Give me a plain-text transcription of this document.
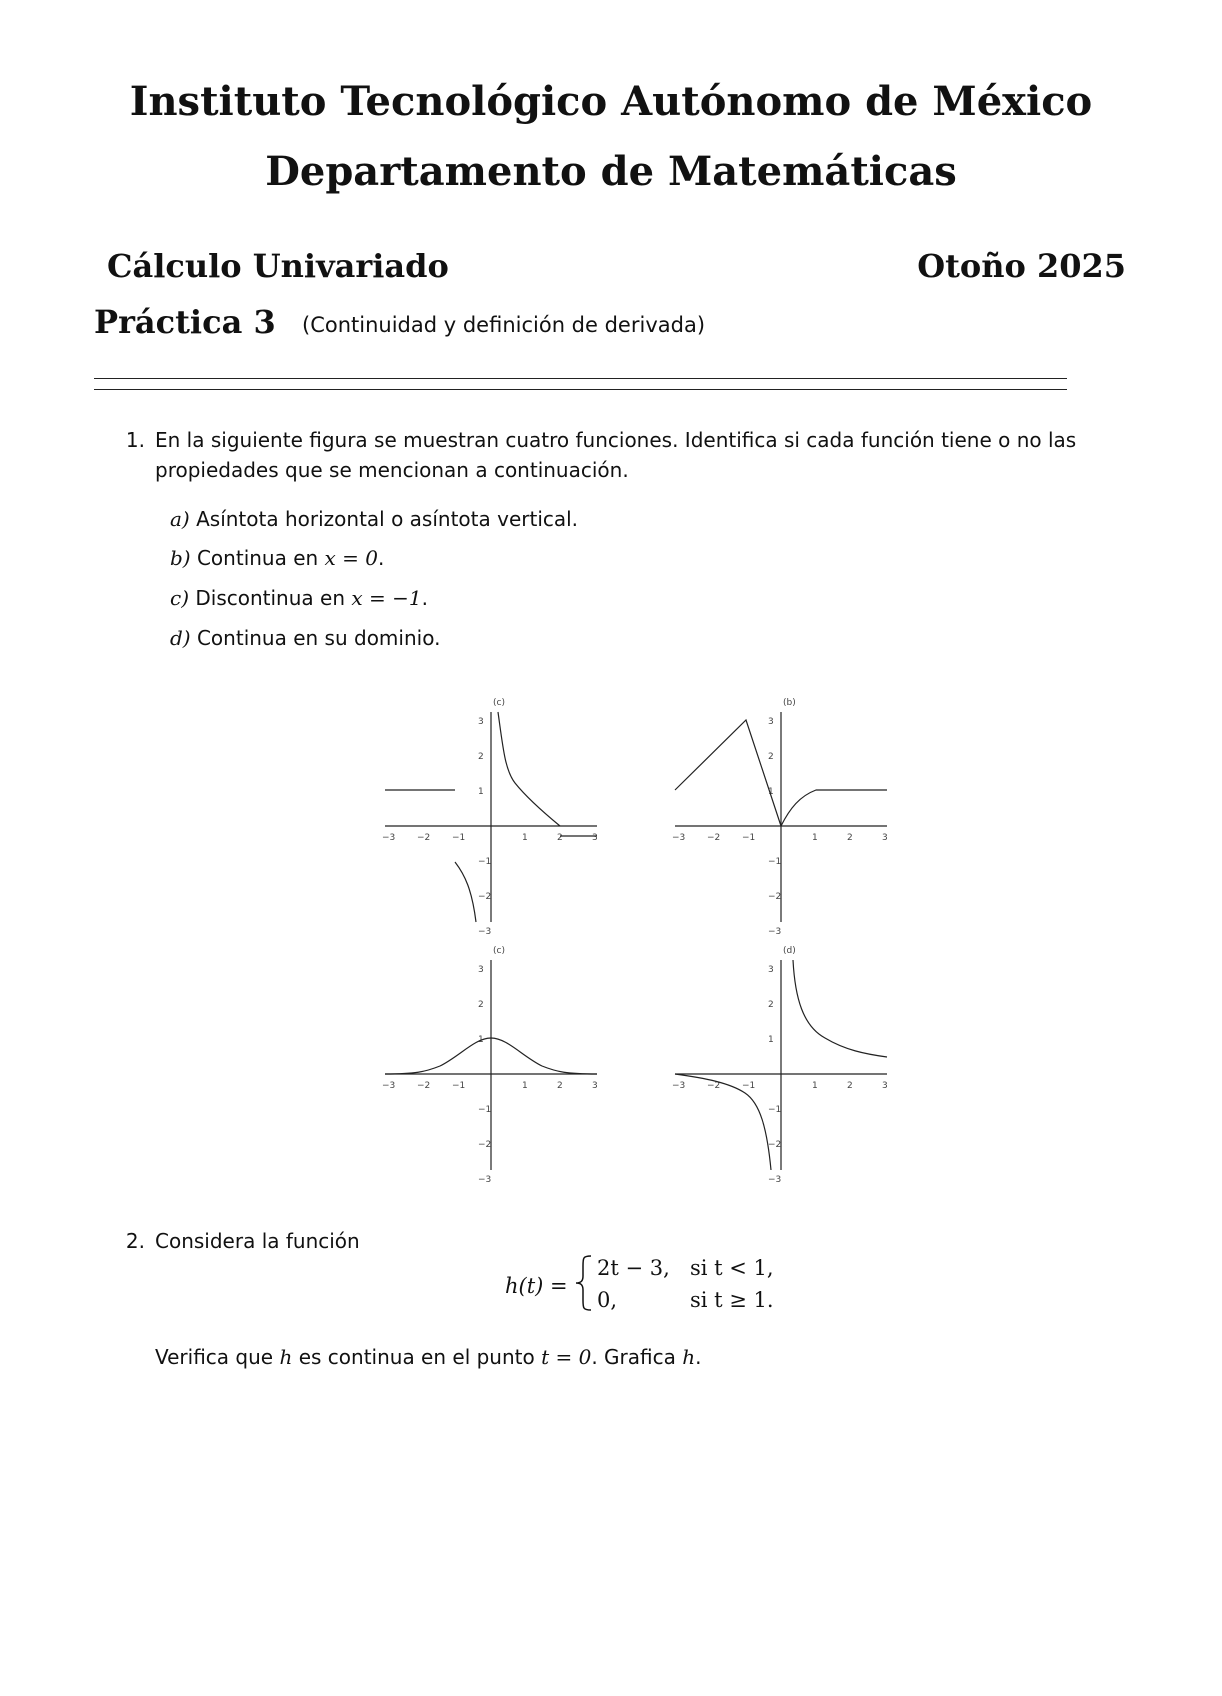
Instituto Tecnológico Autónomo de México
Departamento de Matemáticas
Cálculo Univariado	Otoño 2025
Práctica 3 (Continuidad y definición de derivada)
1. En la siguiente figura se muestran cuatro funciones. Identifica si cada función tiene o no las propiedades que se mencionan a continuación.
a) Asíntota horizontal o asíntota vertical.
b) Continua en x = 0.
c) Discontinua en x = −1.
d) Continua en su dominio.
(c)
−3 −2 −1	1	2	3
3
2
1
−1
−2
−3
(b)
−3 −2 −1	1	2	3
3
2
1
−1
−2
−3
(c)
−3 −2 −1	1	2	3
3
2
1
−1
−2
−3
(d)
−3 −2 −1	1	2	3
3
2
1
−1
−2
−3
2. Considera la función
h(t) =
2t − 3, si t < 1,
0,	si t ≥ 1.
Verifica que h es continua en el punto t = 0. Grafica h.
